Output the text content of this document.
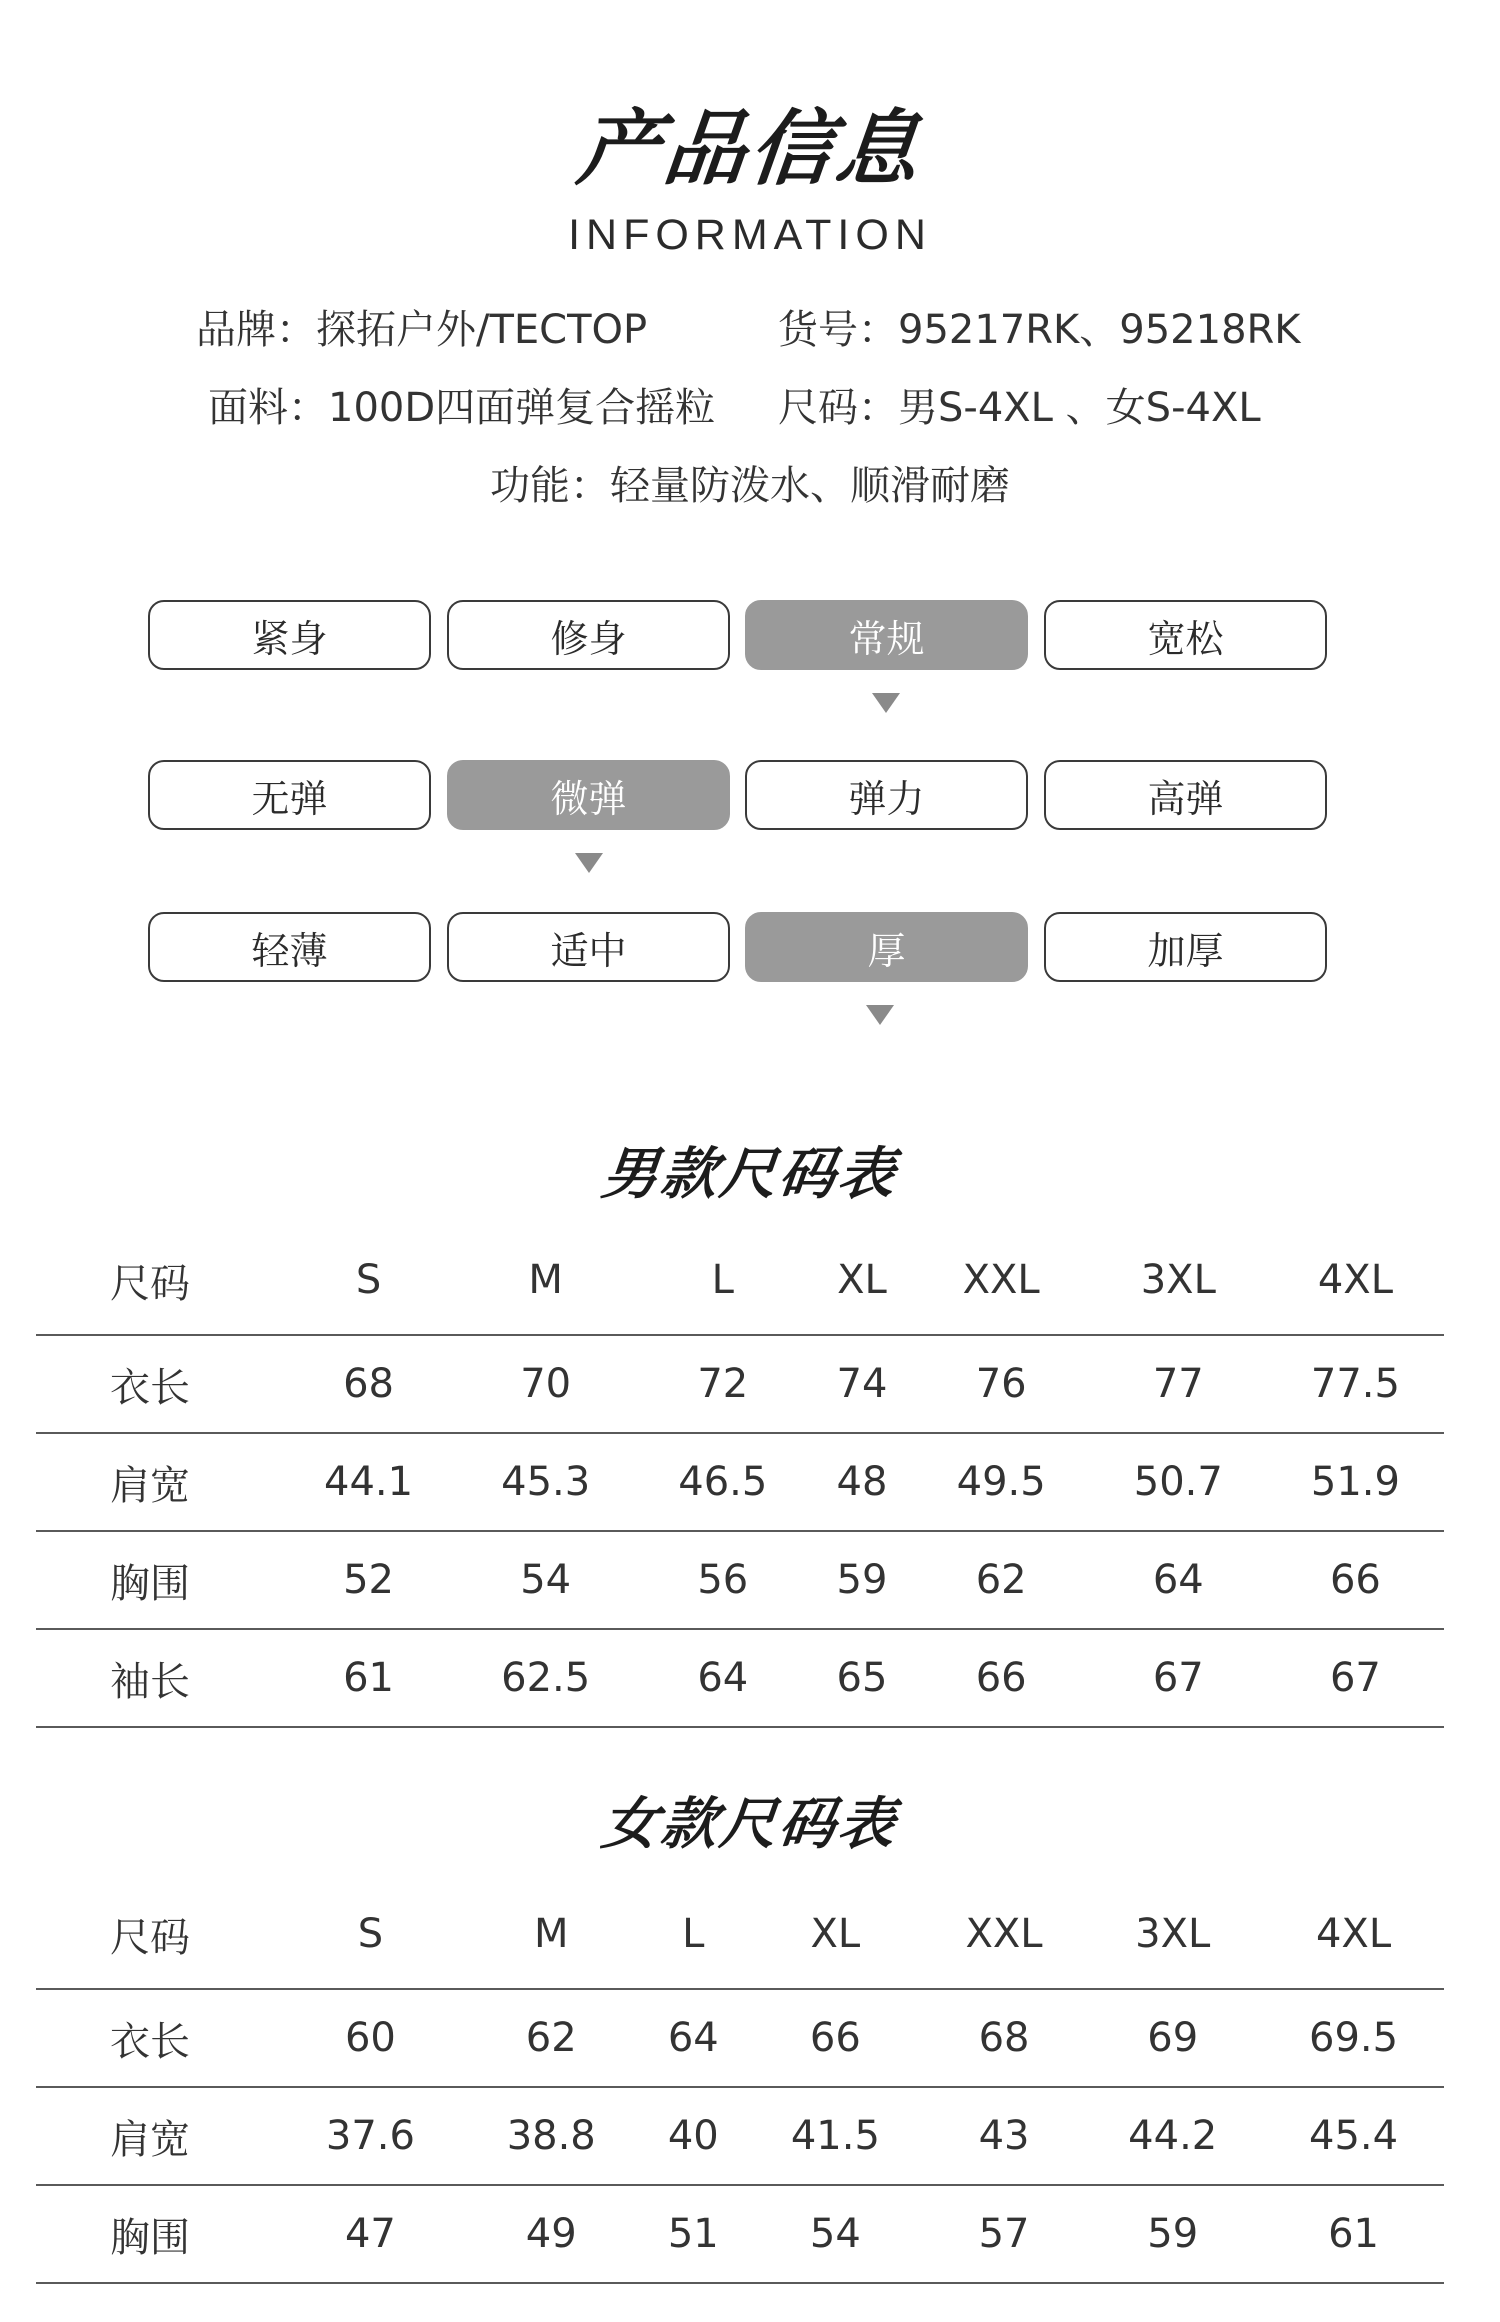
产品信息
INFORMATION
品牌：探拓户外/TECTOP	货号：95217RK、95218RK
面料：100D四面弹复合摇粒 尺码：男S-4XL 、女S-4XL
功能：轻量防泼水、顺滑耐磨
紧身	修身	常规	宽松
无弹	微弹	弹力	高弹
轻薄	适中	厚	加厚
男款尺码表
尺码	S	M	L	XL	XXL	3XL	4XL
衣长	68	70	72	74	76	77	77.5
肩宽	44.1	45.3	46.5	48	49.5	50.7	51.9
胸围	52	54	56	59	62	64	66
袖长	61	62.5	64	65	66	67	67
女款尺码表
尺码	S	M	L	XL	XXL	3XL	4XL
衣长	60	62	64	66	68	69	69.5
肩宽	37.6	38.8	40	41.5	43	44.2	45.4
胸围	47	49	51	54	57	59	61
